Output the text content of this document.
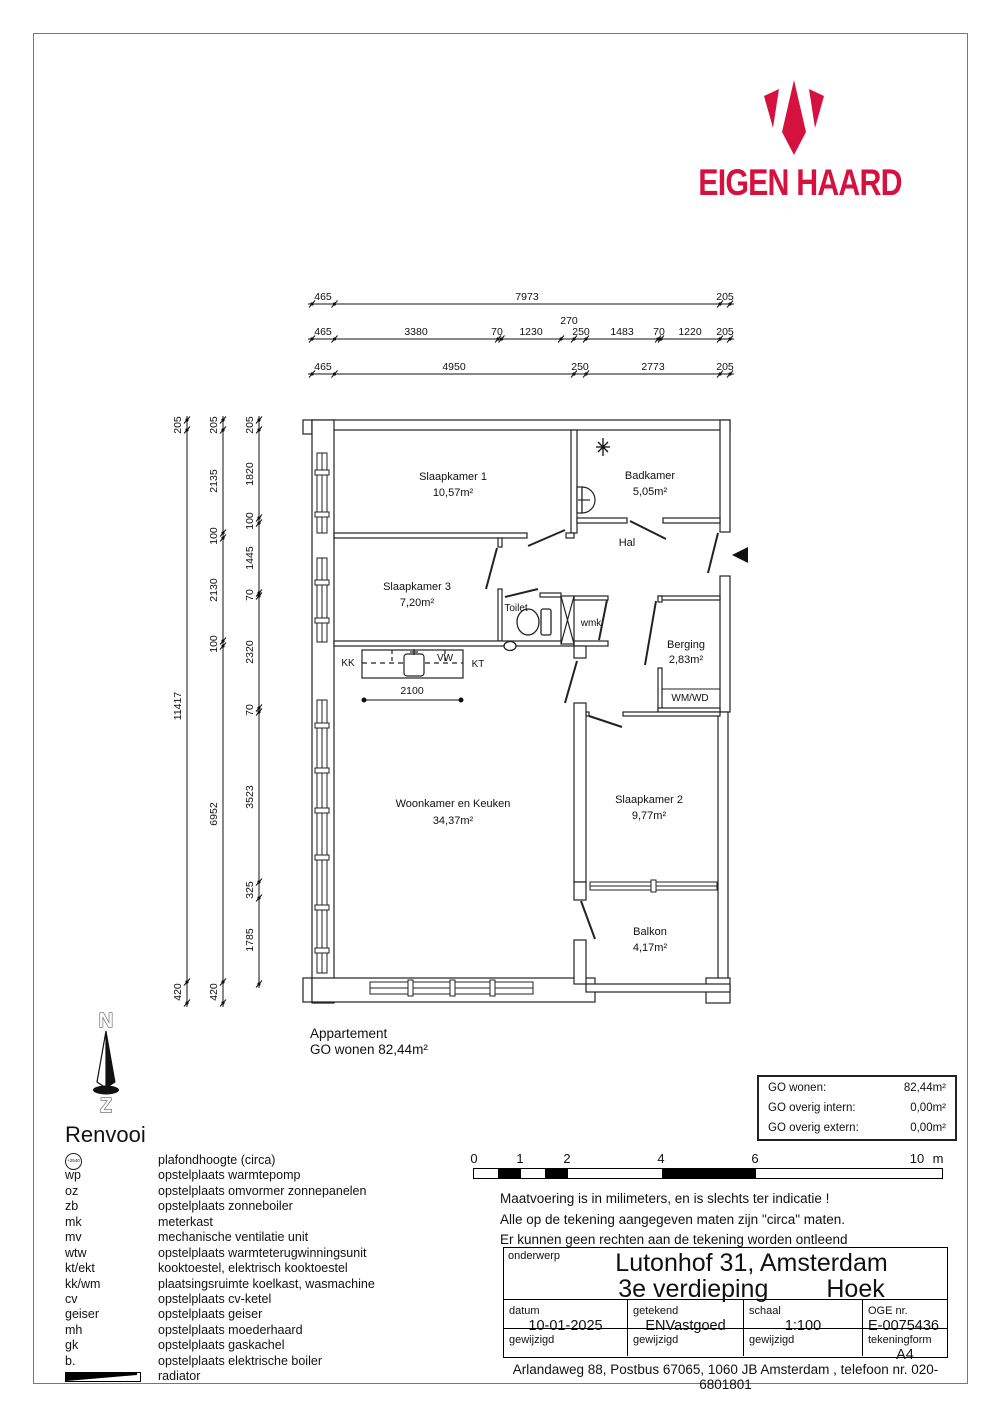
EIGEN HAARD
465	7973	205
465	3380	70 1230
270
250 1483 70 1220 205
465	4950	250	2773	205
205
11417
420
205
2135
100
2130
100
6952
420
205
1820
100
1445
70
2320
70
3523
325
1785
2100
Slaapkamer 1
10,57m²
Badkamer
5,05m²
Hal
Slaapkamer 3
7,20m²	Toilet
wmk
Berging
2,83m²
WM/WD
Woonkamer en Keuken
34,37m²
Slaapkamer 2
9,77m²
Balkon
4,17m²
KK	VW
KT
Appartement
GO wonen 82,44m²
N
Z
GO wonen:	82,44m²
GO overig intern:	0,00m²
GO overig extern:	0,00m²
Renvooi
+2540	plafondhoogte (circa)
wp	opstelplaats warmtepomp
oz	opstelplaats omvormer zonnepanelen
zb	opstelplaats zonneboiler
mk	meterkast
mv	mechanische ventilatie unit
wtw	opstelplaats warmteterugwinningsunit
kt/ekt	kooktoestel, elektrisch kooktoestel
kk/wm	plaatsingsruimte koelkast, wasmachine
cv	opstelplaats cv-ketel
geiser	opstelplaats geiser
mh	opstelplaats moederhaard
gk	opstelplaats gaskachel
b.	opstelplaats elektrische boiler
radiator
0	1	2	4	6	10 m
Maatvoering is in milimeters, en is slechts ter indicatie !
Alle op de tekening aangegeven maten zijn "circa" maten.
Er kunnen geen rechten aan de tekening worden ontleend
onderwerp	Lutonhof 31, Amsterdam
3e verdieping Hoek
datum
10-01-2025
getekend
ENVastgoed
schaal
1:100
OGE nr.
E-0075436
gewijzigd	gewijzigd	gewijzigd	tekeningform
A4
Arlandaweg 88, Postbus 67065, 1060 JB Amsterdam , telefoon nr. 020-6801801
